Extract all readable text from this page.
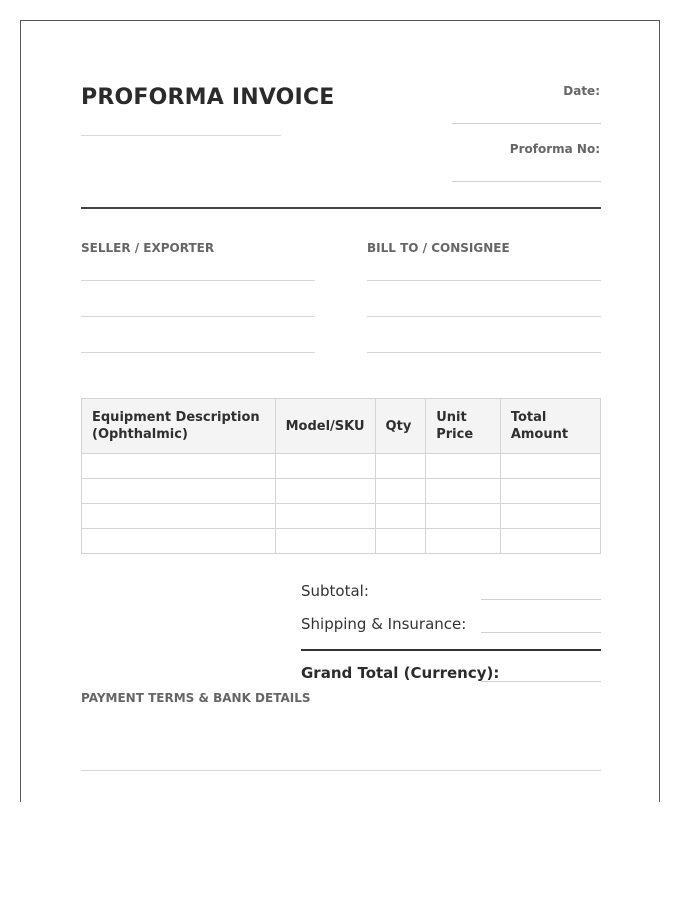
PROFORMA INVOICE	Date:
Proforma No:
SELLER / EXPORTER	BILL TO / CONSIGNEE
Equipment Description (Ophthalmic)	Model/SKU	Qty	Unit Price	Total Amount

Subtotal:
Shipping & Insurance:
Grand Total (Currency):
PAYMENT TERMS & BANK DETAILS
